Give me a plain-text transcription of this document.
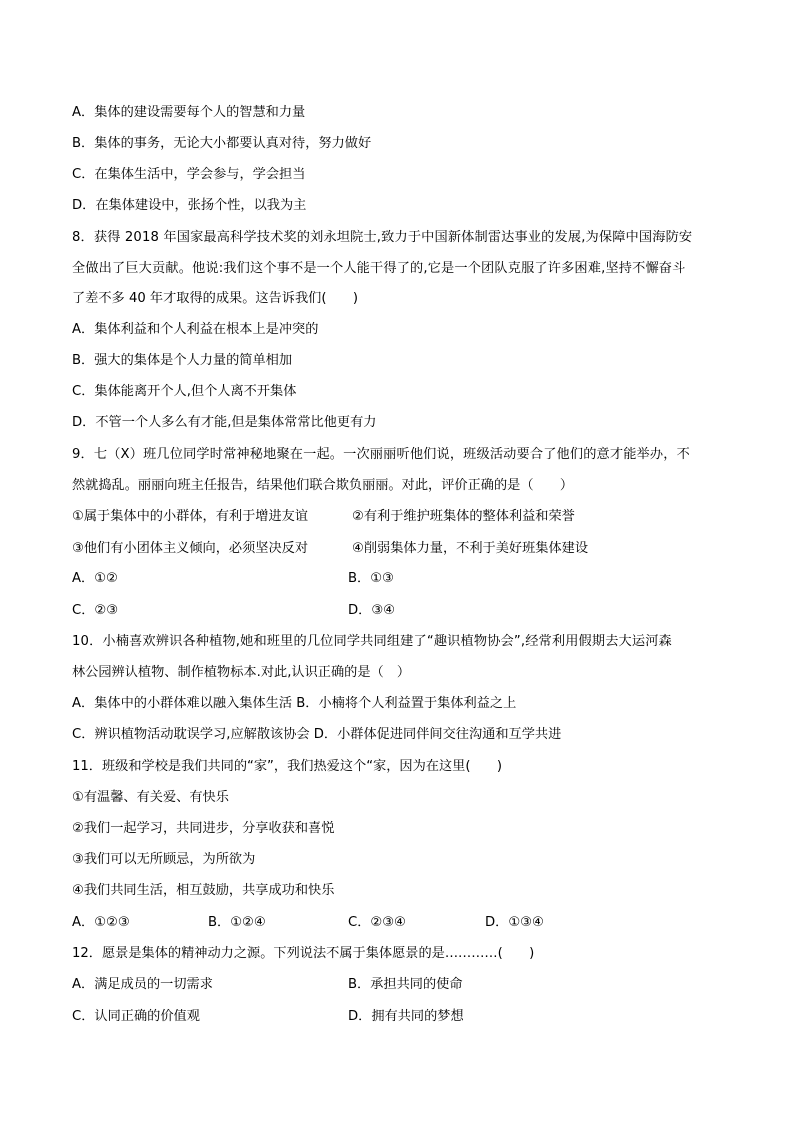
A．集体的建设需要每个人的智慧和力量
B．集体的事务，无论大小都要认真对待，努力做好
C．在集体生活中，学会参与，学会担当
D．在集体建设中，张扬个性，以我为主
8．获得 2018 年国家最高科学技术奖的刘永坦院士,致力于中国新体制雷达事业的发展,为保障中国海防安
全做出了巨大贡献。他说:我们这个事不是一个人能干得了的,它是一个团队克服了许多困难,坚持不懈奋斗
了差不多 40 年才取得的成果。这告诉我们(　　)
A．集体利益和个人利益在根本上是冲突的
B．强大的集体是个人力量的简单相加
C．集体能离开个人,但个人离不开集体
D．不管一个人多么有才能,但是集体常常比他更有力
9．七（X）班几位同学时常神秘地聚在一起。一次丽丽听他们说，班级活动要合了他们的意才能举办，不
然就捣乱。丽丽向班主任报告，结果他们联合欺负丽丽。对此，评价正确的是（　　）
①属于集体中的小群体，有利于增进友谊	②有利于维护班集体的整体利益和荣誉
③他们有小团体主义倾向，必须坚决反对	④削弱集体力量，不利于美好班集体建设
A．①②	B．①③
C．②③	D．③④
10．小楠喜欢辨识各种植物,她和班里的几位同学共同组建了“趣识植物协会”,经常利用假期去大运河森
林公园辨认植物、制作植物标本.对此,认识正确的是（　）
A．集体中的小群体难以融入集体生活 B．小楠将个人利益置于集体利益之上
C．辨识植物活动耽误学习,应解散该协会 D．小群体促进同伴间交往沟通和互学共进
11．班级和学校是我们共同的“家”，我们热爱这个“家，因为在这里(　　)
①有温馨、有关爱、有快乐
②我们一起学习，共同进步，分享收获和喜悦
③我们可以无所顾忌，为所欲为
④我们共同生活，相互鼓励，共享成功和快乐
A．①②③	B．①②④	C．②③④	D．①③④
12．愿景是集体的精神动力之源。下列说法不属于集体愿景的是…………(　　)
A．满足成员的一切需求	B．承担共同的使命
C．认同正确的价值观	D．拥有共同的梦想
